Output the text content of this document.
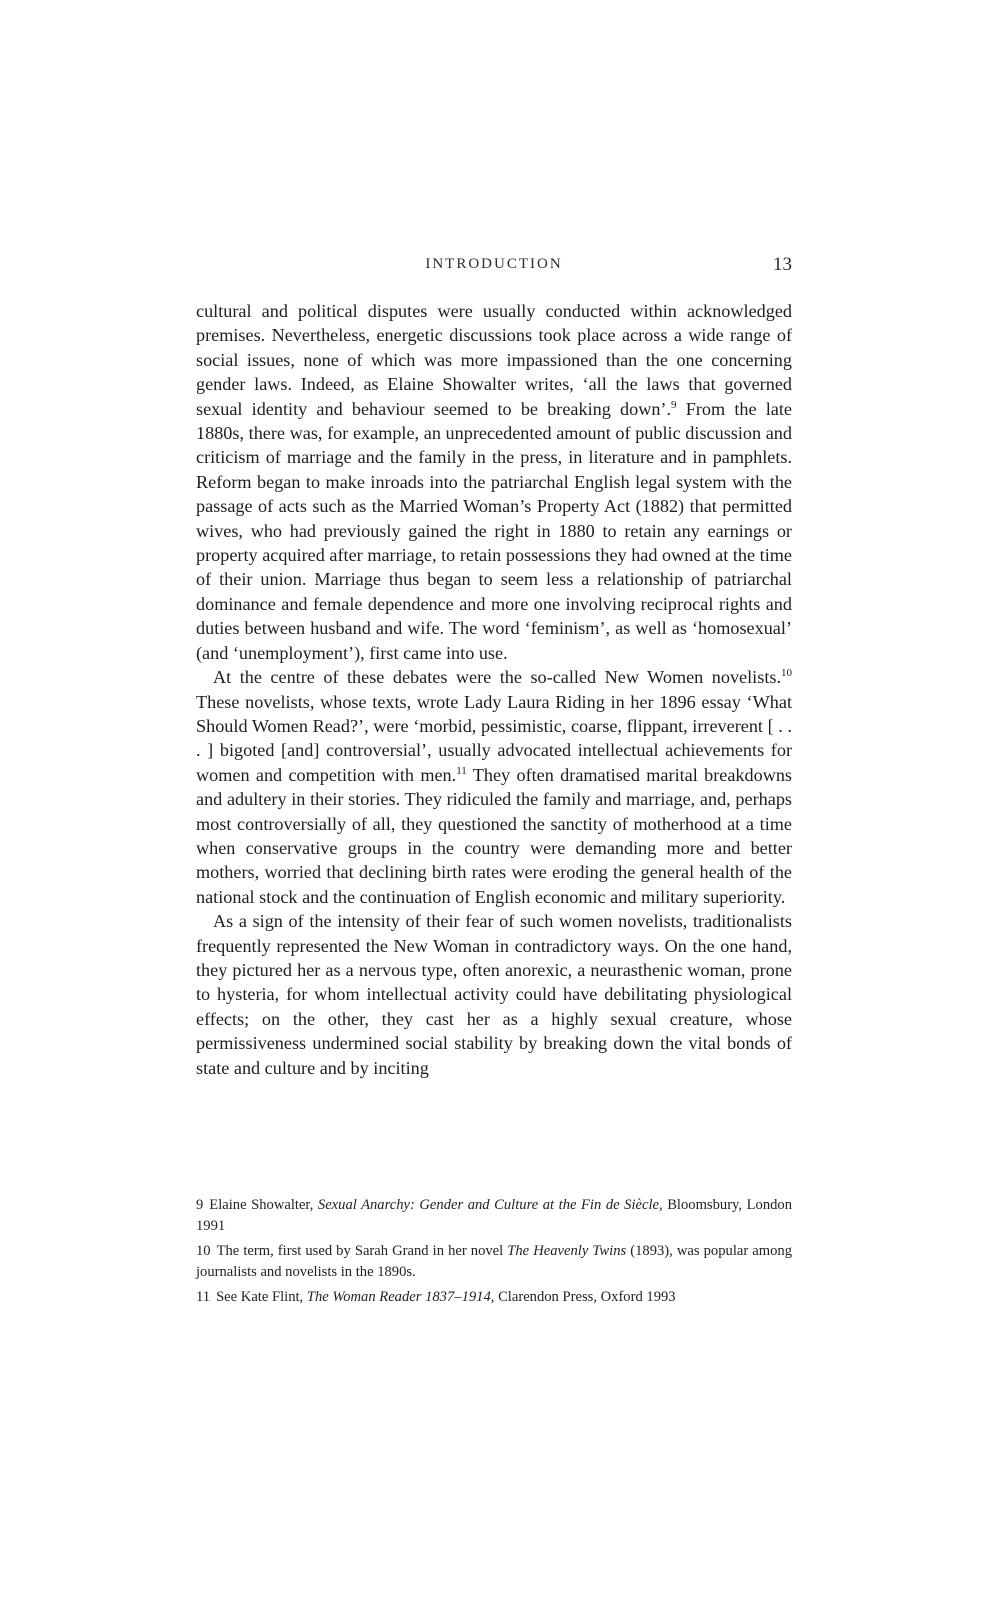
INTRODUCTION	13

cultural and political disputes were usually conducted within acknowledged premises. Nevertheless, energetic discussions took place across a wide range of social issues, none of which was more impassioned than the one concerning gender laws. Indeed, as Elaine Showalter writes, ‘all the laws that governed sexual identity and behaviour seemed to be breaking down’.$^9$ From the late 1880s, there was, for example, an unprecedented amount of public discussion and criticism of marriage and the family in the press, in literature and in pamphlets. Reform began to make inroads into the patriarchal English legal system with the passage of acts such as the Married Woman’s Property Act (1882) that permitted wives, who had previously gained the right in 1880 to retain any earnings or property acquired after marriage, to retain possessions they had owned at the time of their union. Marriage thus began to seem less a relationship of patriarchal dominance and female dependence and more one involving reciprocal rights and duties between husband and wife. The word ‘feminism’, as well as ‘homosexual’ (and ‘unemployment’), first came into use.

At the centre of these debates were the so-called New Women novelists.$^{10}$ These novelists, whose texts, wrote Lady Laura Riding in her 1896 essay ‘What Should Women Read?’, were ‘morbid, pessimistic, coarse, flippant, irreverent [ . . . ] bigoted [and] controversial’, usually advocated intellectual achievements for women and competition with men.$^{11}$ They often dramatised marital breakdowns and adultery in their stories. They ridiculed the family and marriage, and, perhaps most controversially of all, they questioned the sanctity of motherhood at a time when conservative groups in the country were demanding more and better mothers, worried that declining birth rates were eroding the general health of the national stock and the continuation of English economic and military superiority.

As a sign of the intensity of their fear of such women novelists, traditionalists frequently represented the New Woman in contradictory ways. On the one hand, they pictured her as a nervous type, often anorexic, a neurasthenic woman, prone to hysteria, for whom intellectual activity could have debilitating physiological effects; on the other, they cast her as a highly sexual creature, whose permissiveness undermined social stability by breaking down the vital bonds of state and culture and by inciting

9 Elaine Showalter, Sexual Anarchy: Gender and Culture at the Fin de Siècle, Bloomsbury, London 1991
10 The term, first used by Sarah Grand in her novel The Heavenly Twins (1893), was popular among journalists and novelists in the 1890s.
11 See Kate Flint, The Woman Reader 1837–1914, Clarendon Press, Oxford 1993
